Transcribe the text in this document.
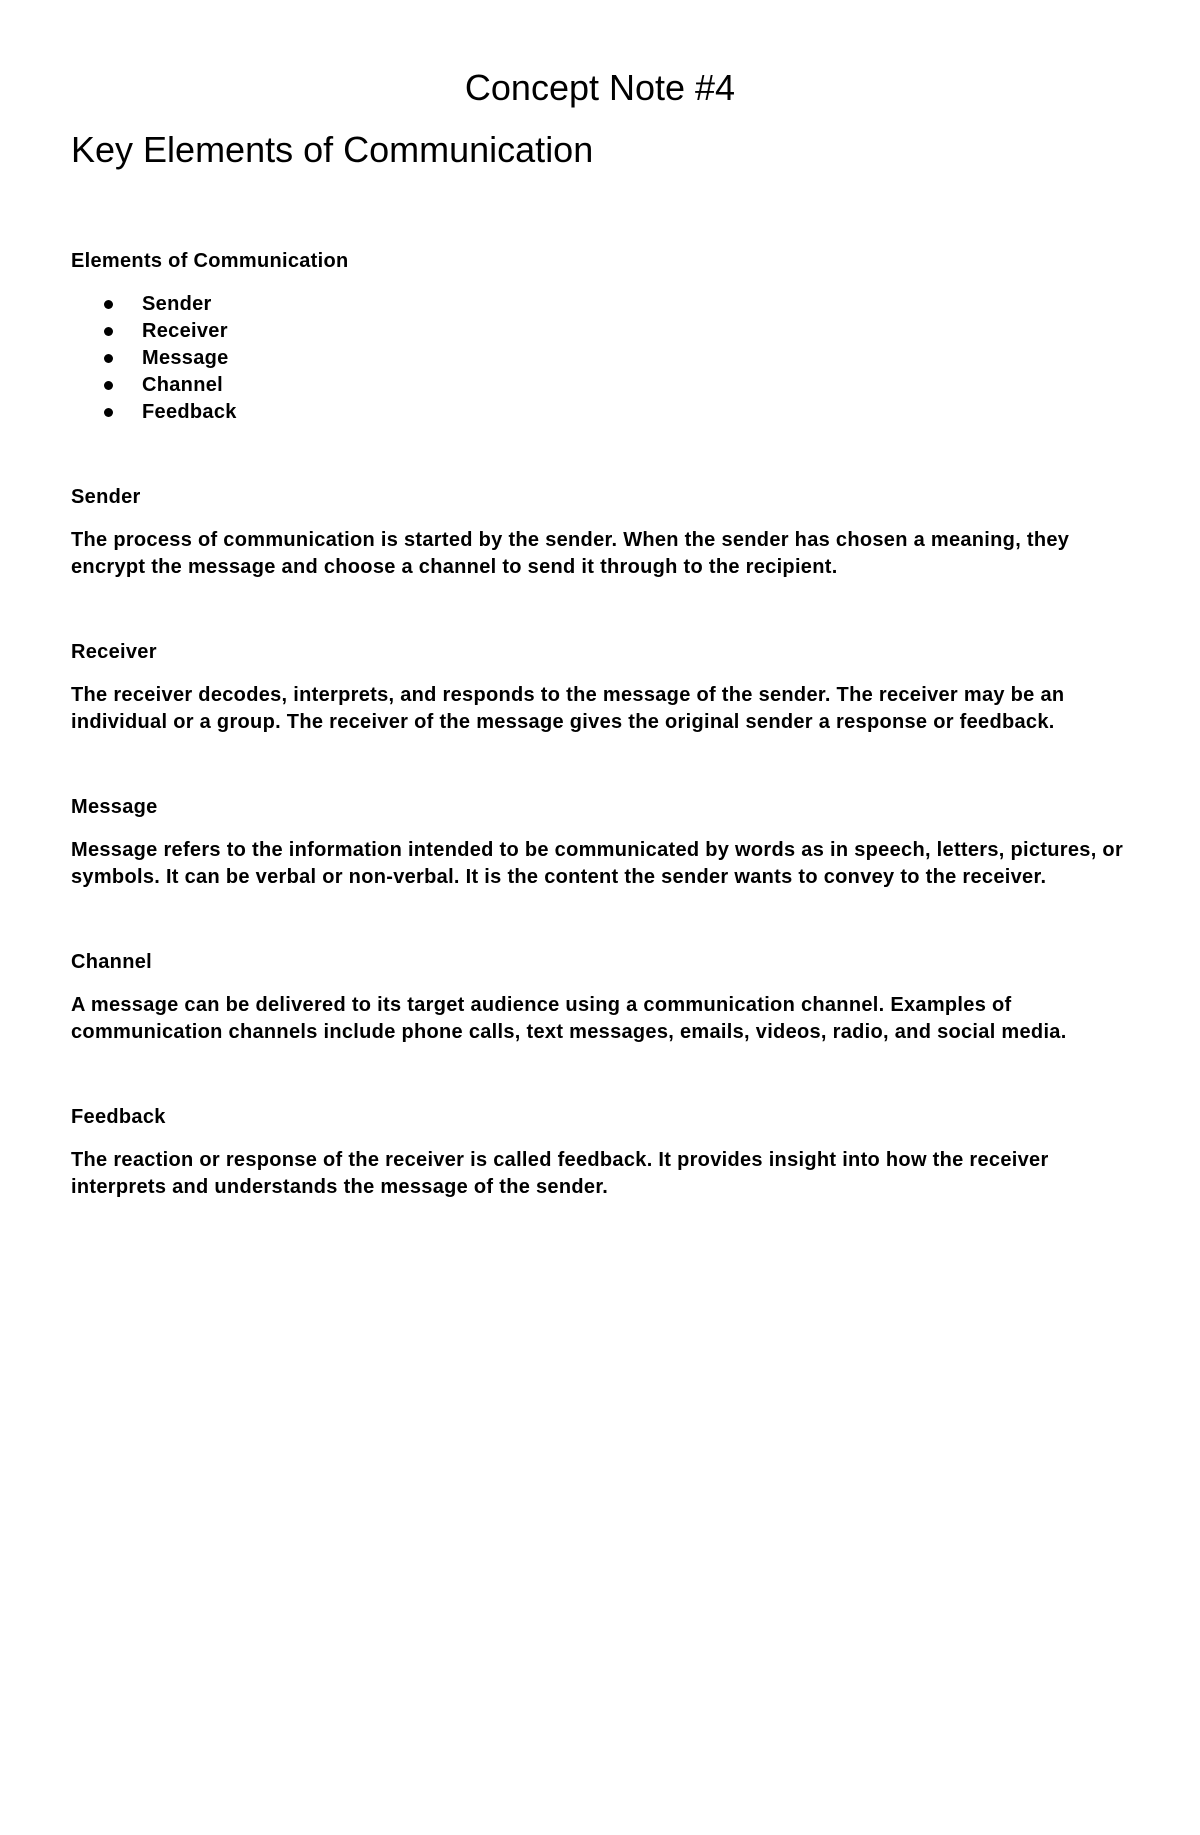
Concept Note #4
Key Elements of Communication

Elements of Communication

Sender
Receiver
Message
Channel
Feedback

Sender

The process of communication is started by the sender. When the sender has chosen a meaning, they encrypt the message and choose a channel to send it through to the recipient.

Receiver

The receiver decodes, interprets, and responds to the message of the sender. The receiver may be an individual or a group. The receiver of the message gives the original sender a response or feedback.

Message

Message refers to the information intended to be communicated by words as in speech, letters, pictures, or symbols. It can be verbal or non-verbal. It is the content the sender wants to convey to the receiver.

Channel

A message can be delivered to its target audience using a communication channel. Examples of communication channels include phone calls, text messages, emails, videos, radio, and social media.

Feedback

The reaction or response of the receiver is called feedback. It provides insight into how the receiver interprets and understands the message of the sender.
